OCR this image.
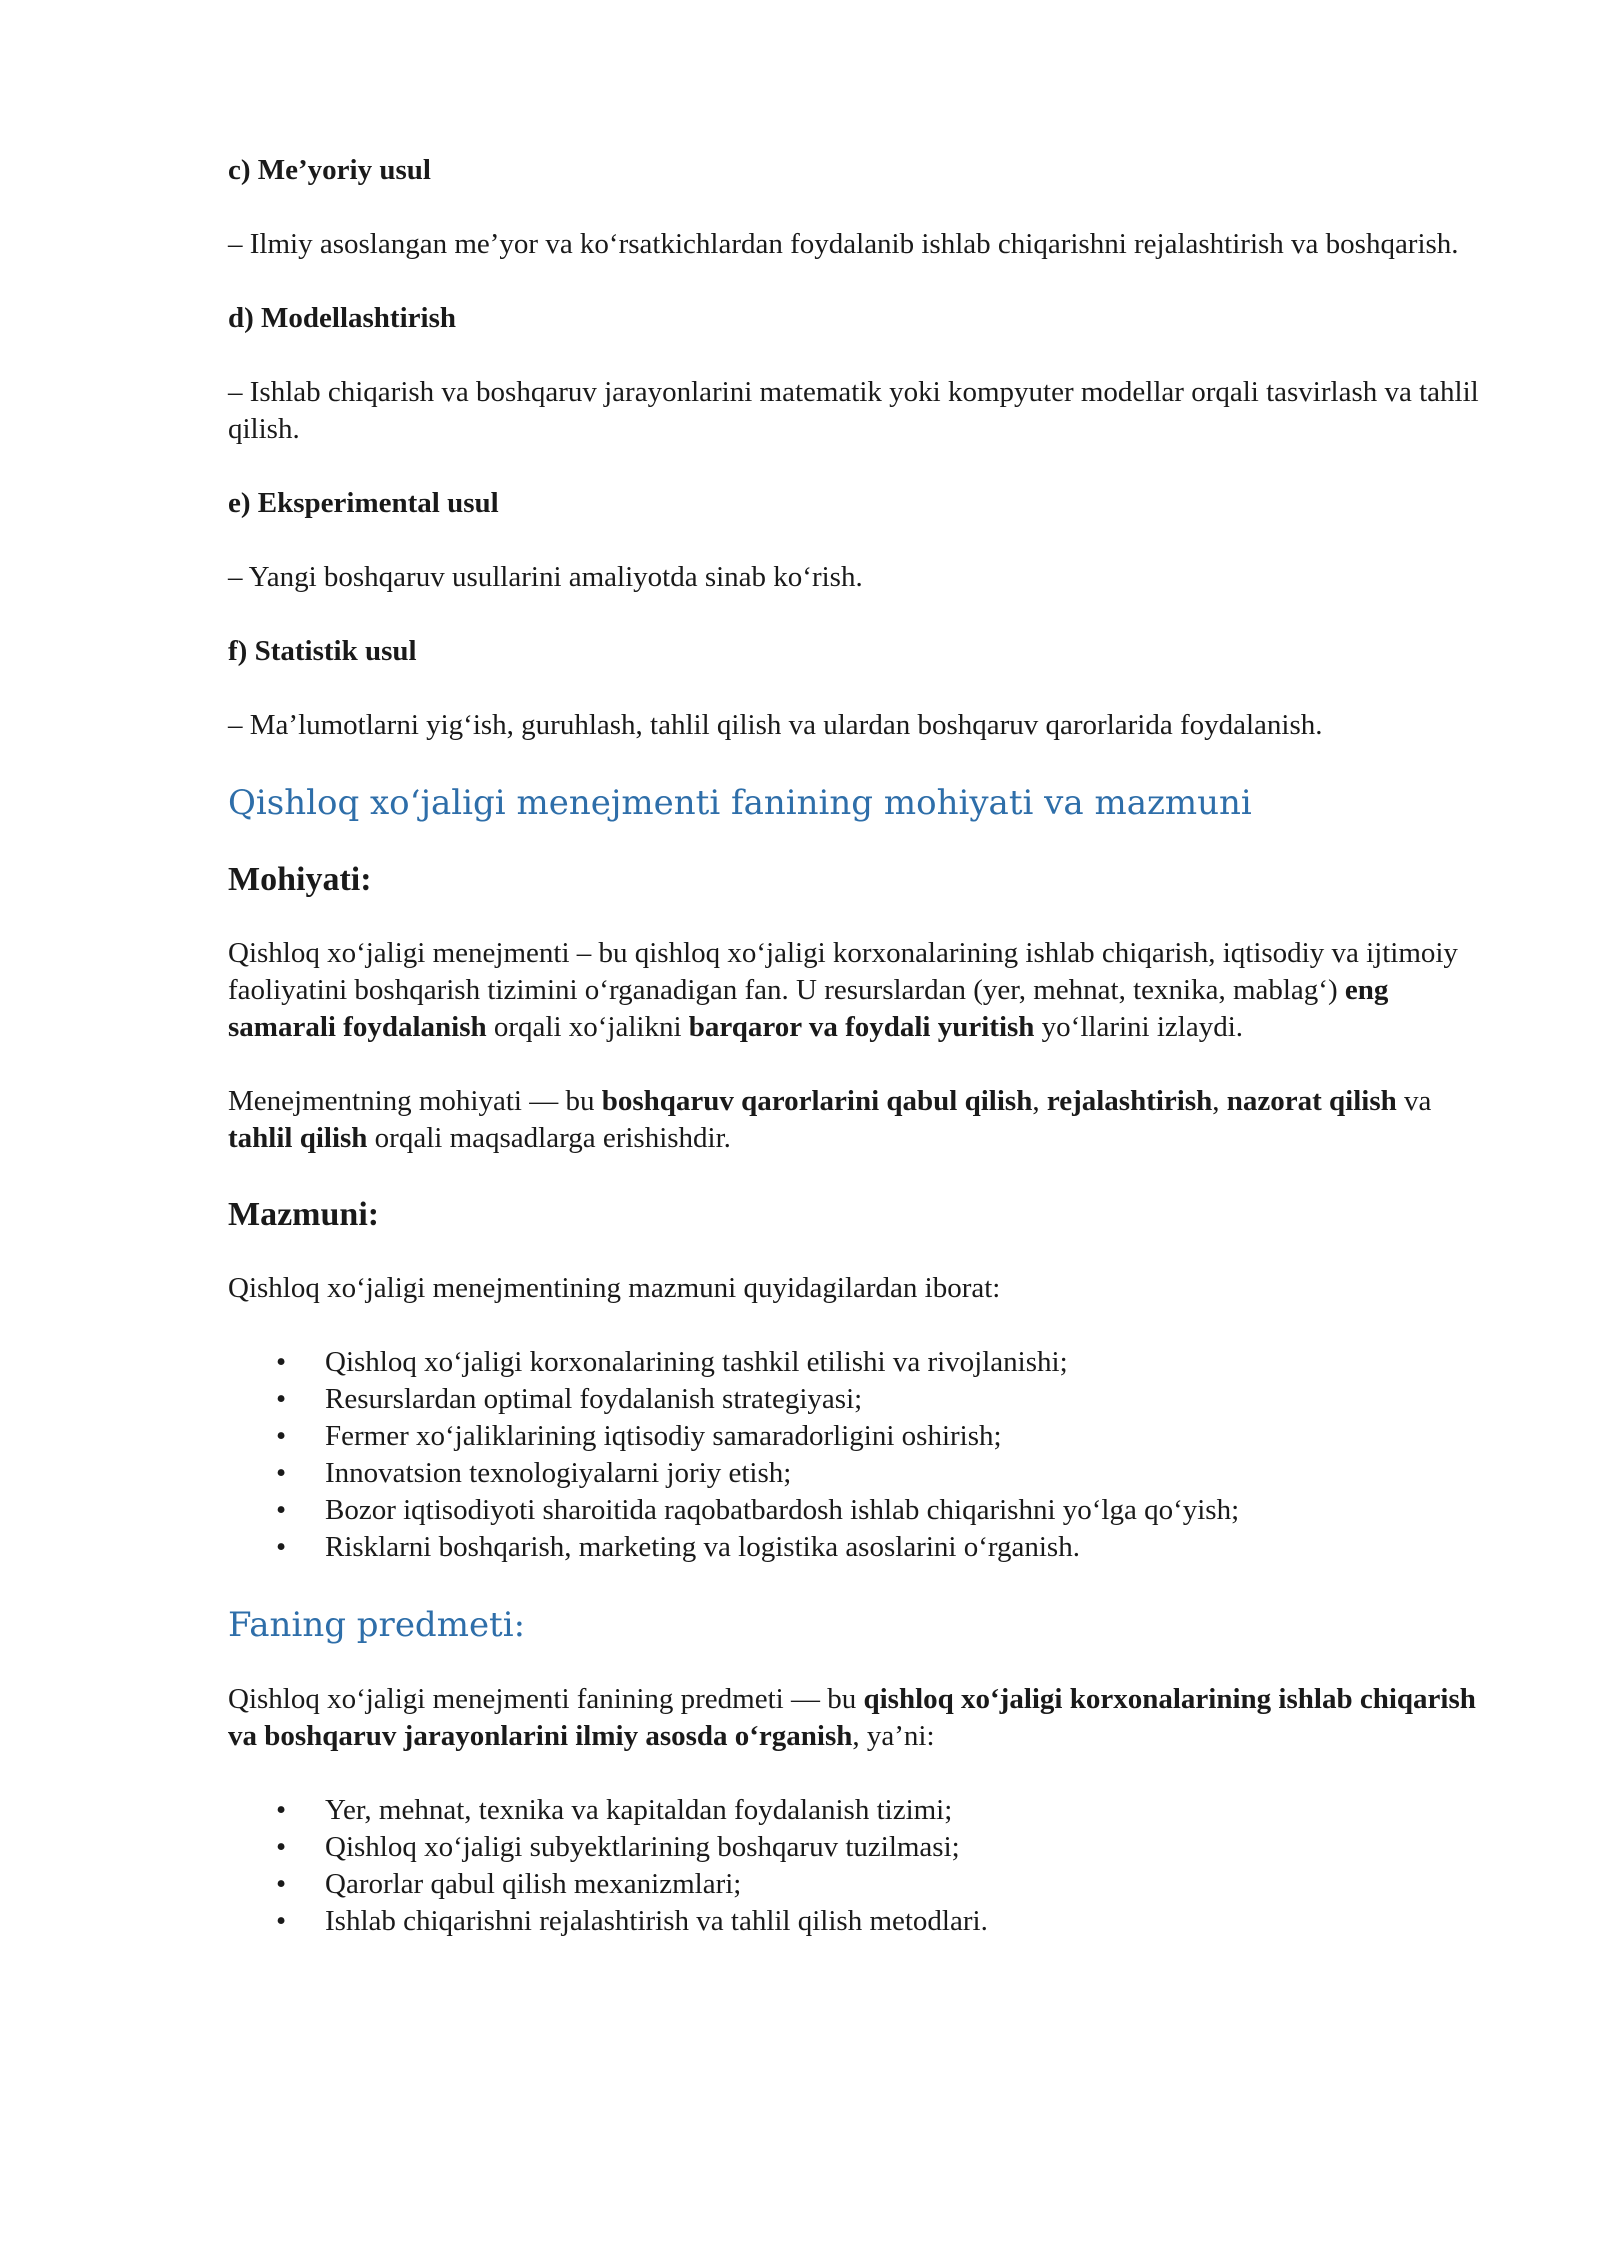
c) Me’yoriy usul

– Ilmiy asoslangan me’yor va koʻrsatkichlardan foydalanib ishlab chiqarishni rejalashtirish va boshqarish.

d) Modellashtirish

– Ishlab chiqarish va boshqaruv jarayonlarini matematik yoki kompyuter modellar orqali tasvirlash va tahlil qilish.

e) Eksperimental usul

– Yangi boshqaruv usullarini amaliyotda sinab koʻrish.

f) Statistik usul

– Ma’lumotlarni yigʻish, guruhlash, tahlil qilish va ulardan boshqaruv qarorlarida foydalanish.

Qishloq xoʻjaligi menejmenti fanining mohiyati va mazmuni
Mohiyati:

Qishloq xoʻjaligi menejmenti – bu qishloq xoʻjaligi korxonalarining ishlab chiqarish, iqtisodiy va ijtimoiy faoliyatini boshqarish tizimini oʻrganadigan fan. U resurslardan (yer, mehnat, texnika, mablagʻ) eng samarali foydalanish orqali xoʻjalikni barqaror va foydali yuritish yoʻllarini izlaydi.

Menejmentning mohiyati — bu boshqaruv qarorlarini qabul qilish, rejalashtirish, nazorat qilish va tahlil qilish orqali maqsadlarga erishishdir.

Mazmuni:

Qishloq xoʻjaligi menejmentining mazmuni quyidagilardan iborat:

• Qishloq xoʻjaligi korxonalarining tashkil etilishi va rivojlanishi;
• Resurslardan optimal foydalanish strategiyasi;
• Fermer xoʻjaliklarining iqtisodiy samaradorligini oshirish;
• Innovatsion texnologiyalarni joriy etish;
• Bozor iqtisodiyoti sharoitida raqobatbardosh ishlab chiqarishni yoʻlga qoʻyish;
• Risklarni boshqarish, marketing va logistika asoslarini oʻrganish.
Faning predmeti:

Qishloq xoʻjaligi menejmenti fanining predmeti — bu qishloq xoʻjaligi korxonalarining ishlab chiqarish va boshqaruv jarayonlarini ilmiy asosda oʻrganish, ya’ni:

• Yer, mehnat, texnika va kapitaldan foydalanish tizimi;
• Qishloq xoʻjaligi subyektlarining boshqaruv tuzilmasi;
• Qarorlar qabul qilish mexanizmlari;
• Ishlab chiqarishni rejalashtirish va tahlil qilish metodlari.
